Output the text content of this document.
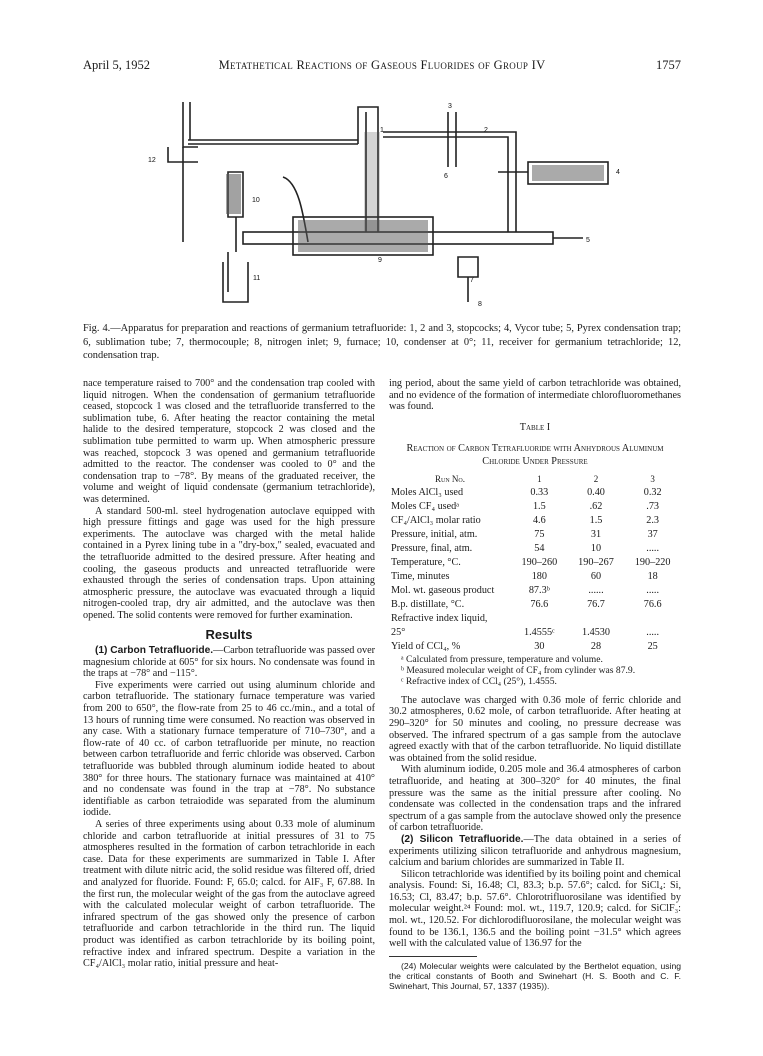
April 5, 1952	Metathetical Reactions of Gaseous Fluorides of Group IV	1757
1	2
3
4
5
6
7
8
9
10
11
12
Fig. 4.—Apparatus for preparation and reactions of germanium tetrafluoride: 1, 2 and 3, stopcocks; 4, Vycor tube; 5, Pyrex condensation trap; 6, sublimation tube; 7, thermocouple; 8, nitrogen inlet; 9, furnace; 10, condenser at 0°; 11, receiver for germanium tetrachloride; 12, condensation trap.

nace temperature raised to 700° and the condensation trap cooled with liquid nitrogen. When the condensation of germanium tetrafluoride ceased, stopcock 1 was closed and the tetrafluoride transferred to the sublimation tube, 6. After heating the reactor containing the metal halide to the desired temperature, stopcock 2 was closed and the sublimation tube permitted to warm up. When atmospheric pressure was reached, stopcock 3 was opened and germanium tetrafluoride admitted to the reactor. The condenser was cooled to 0° and the condensation trap to −78°. By means of the graduated receiver, the volume and weight of liquid condensate (germanium tetrachloride), was determined.

A standard 500-ml. steel hydrogenation autoclave equipped with high pressure fittings and gage was used for the high pressure experiments. The autoclave was charged with the metal halide contained in a Pyrex lining tube in a "dry-box," sealed, evacuated and the tetrafluoride admitted to the desired pressure. After heating and cooling, the gaseous products and unreacted tetrafluoride were exhausted through the series of condensation traps. Upon attaining atmospheric pressure, the autoclave was evacuated through a liquid nitrogen-cooled trap, dry air admitted, and the autoclave was then opened. The solid contents were removed for further examination.

Results

(1) Carbon Tetrafluoride.—Carbon tetrafluoride was passed over magnesium chloride at 605° for six hours. No condensate was found in the traps at −78° and −115°.

Five experiments were carried out using aluminum chloride and carbon tetrafluoride. The stationary furnace temperature was varied from 200 to 650°, the flow-rate from 25 to 46 cc./min., and a total of 13 hours of running time were consumed. No reaction was observed in any case. With a stationary furnace temperature of 710–730°, and a flow-rate of 40 cc. of carbon tetrafluoride per minute, no reaction between carbon tetrafluoride and ferric chloride was observed. Carbon tetrafluoride was bubbled through aluminum iodide heated to about 380° for three hours. The stationary furnace was maintained at 410° and no condensate was found in the trap at −78°. No substance identifiable as carbon tetraiodide was separated from the aluminum iodide.

A series of three experiments using about 0.33 mole of aluminum chloride and carbon tetrafluoride at initial pressures of 31 to 75 atmospheres resulted in the formation of carbon tetrachloride in each case. Data for these experiments are summarized in Table I. After treatment with dilute nitric acid, the solid residue was filtered off, dried and analyzed for fluoride. Found: F, 65.0; calcd. for AlF₃ F, 67.88. In the first run, the molecular weight of the gas from the autoclave agreed with the calculated molecular weight of carbon tetrafluoride. The infrared spectrum of the gas showed only the presence of carbon tetrafluoride and carbon tetrachloride in the third run. The liquid product was identified as carbon tetrachloride by its boiling point, refractive index and infrared spectrum. Despite a variation in the CF₄/AlCl₃ molar ratio, initial pressure and heat-

ing period, about the same yield of carbon tetrachloride was obtained, and no evidence of the formation of intermediate chlorofluoromethanes was found.

Table I
Reaction of Carbon Tetrafluoride with Anhydrous Aluminum Chloride Under Pressure
Run No.	1	2	3
Moles AlCl₃ used	0.33	0.40	0.32
Moles CF₄ usedᵃ	1.5	.62	.73
CF₄/AlCl₃ molar ratio	4.6	1.5	2.3
Pressure, initial, atm.	75	31	37
Pressure, final, atm.	54	10	.....
Temperature, °C.	190–260	190–267	190–220
Time, minutes	180	60	18
Mol. wt. gaseous product	87.3ᵇ	......	.....
B.p. distillate, °C.	76.6	76.7	76.6
Refractive index liquid,			
25°	1.4555ᶜ	1.4530	.....
Yield of CCl₄, %	30	28	25

ᵃ Calculated from pressure, temperature and volume.

ᵇ Measured molecular weight of CF₄ from cylinder was 87.9.

ᶜ Refractive index of CCl₄ (25°), 1.4555.

The autoclave was charged with 0.36 mole of ferric chloride and 30.2 atmospheres, 0.62 mole, of carbon tetrafluoride. After heating at 290–320° for 50 minutes and cooling, no pressure decrease was observed. The infrared spectrum of a gas sample from the autoclave agreed exactly with that of the carbon tetrafluoride. No liquid distillate was obtained from the solid residue.

With aluminum iodide, 0.205 mole and 36.4 atmospheres of carbon tetrafluoride, and heating at 300–320° for 40 minutes, the final pressure was the same as the initial pressure after cooling. No condensate was collected in the condensation traps and the infrared spectrum of a gas sample from the autoclave showed only the presence of carbon tetrafluoride.

(2) Silicon Tetrafluoride.—The data obtained in a series of experiments utilizing silicon tetrafluoride and anhydrous magnesium, calcium and barium chlorides are summarized in Table II.

Silicon tetrachloride was identified by its boiling point and chemical analysis. Found: Si, 16.48; Cl, 83.3; b.p. 57.6°; calcd. for SiCl₄: Si, 16.53; Cl, 83.47; b.p. 57.6°. Chlorotrifluorosilane was identified by molecular weight.²⁴ Found: mol. wt., 119.7, 120.9; calcd. for SiClF₃: mol. wt., 120.52. For dichlorodifluorosilane, the molecular weight was found to be 136.1, 136.5 and the boiling point −31.5° which agrees well with the calculated value of 136.97 for the

(24) Molecular weights were calculated by the Berthelot equation, using the critical constants of Booth and Swinehart (H. S. Booth and C. F. Swinehart, This Journal, 57, 1337 (1935)).
